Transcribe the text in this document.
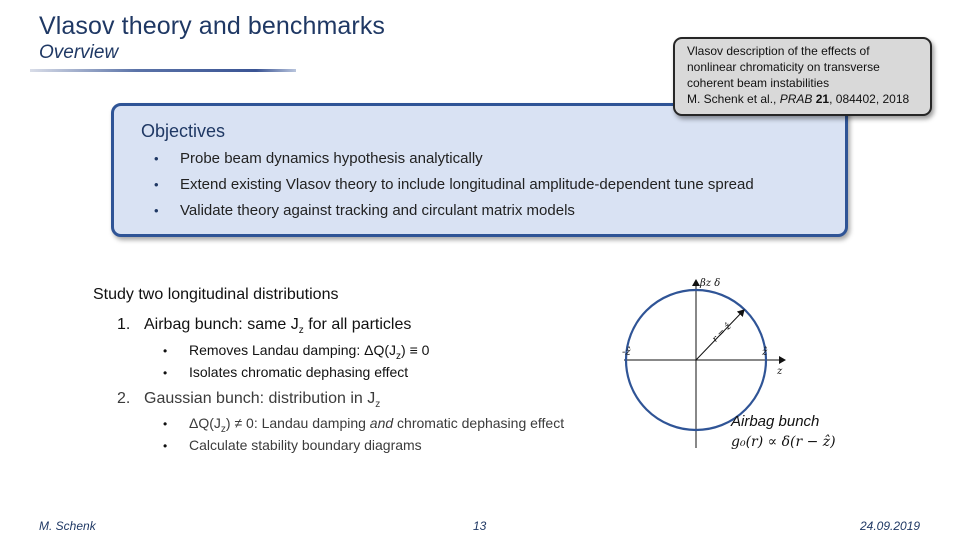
Vlasov theory and benchmarks
Overview
Objectives
• Probe beam dynamics hypothesis analytically
• Extend existing Vlasov theory to include longitudinal amplitude-dependent tune spread
• Validate theory against tracking and circulant matrix models

Vlasov description of the effects of

nonlinear chromaticity on transverse

coherent beam instabilities

M. Schenk et al., PRAB 21, 084402, 2018

Study two longitudinal distributions
1. Airbag bunch: same $J_z$ for all particles
• Removes Landau damping: $\Delta Q(J_z) \equiv 0$
• Isolates chromatic dephasing effect
2. Gaussian bunch: distribution in $J_z$
• $\Delta Q(J_z) \ne 0$: Landau damping and chromatic dephasing effect
• Calculate stability boundary diagrams
βz δ
z
ẑ
-ẑ
r = ẑ
Airbag bunch
g₀(r) ∝ δ(r − ẑ)
M. Schenk	13	24.09.2019
